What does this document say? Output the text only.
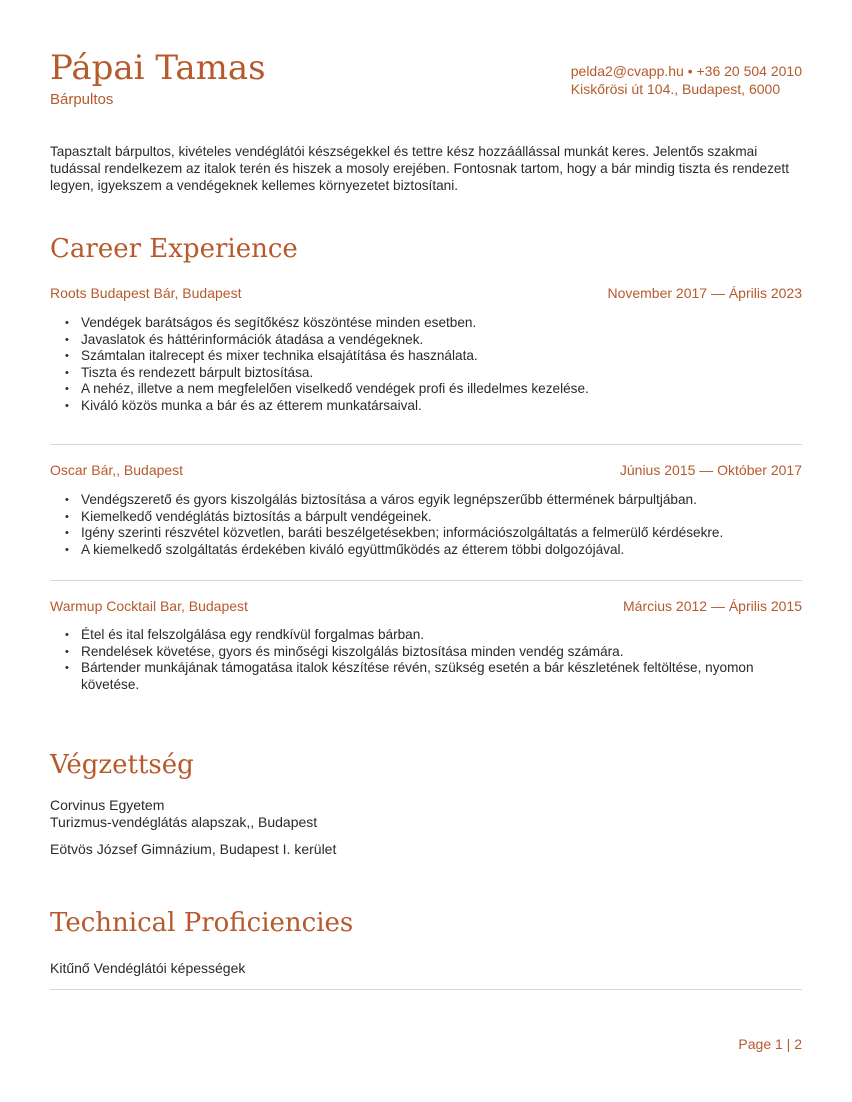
Pápai Tamas
Bárpultos
pelda2@cvapp.hu • +36 20 504 2010
Kiskőrösi út 104., Budapest, 6000
Tapasztalt bárpultos, kivételes vendéglátói készségekkel és tettre kész hozzáállással munkát keres. Jelentős szakmai tudással rendelkezem az italok terén és hiszek a mosoly erejében. Fontosnak tartom, hogy a bár mindig tiszta és rendezett legyen, igyekszem a vendégeknek kellemes környezetet biztosítani.
Career Experience
Roots Budapest Bár, Budapest	November 2017 — Április 2023
• Vendégek barátságos és segítőkész köszöntése minden esetben.
• Javaslatok és háttérinformációk átadása a vendégeknek.
• Számtalan italrecept és mixer technika elsajátítása és használata.
• Tiszta és rendezett bárpult biztosítása.
• A nehéz, illetve a nem megfelelően viselkedő vendégek profi és illedelmes kezelése.
• Kiváló közös munka a bár és az étterem munkatársaival.
Oscar Bár,, Budapest	Június 2015 — Október 2017
• Vendégszerető és gyors kiszolgálás biztosítása a város egyik legnépszerűbb éttermének bárpultjában.
• Kiemelkedő vendéglátás biztosítás a bárpult vendégeinek.
• Igény szerinti részvétel közvetlen, baráti beszélgetésekben; információszolgáltatás a felmerülő kérdésekre.
• A kiemelkedő szolgáltatás érdekében kiváló együttműködés az étterem többi dolgozójával.
Warmup Cocktail Bar, Budapest	Március 2012 — Április 2015
• Étel és ital felszolgálása egy rendkívül forgalmas bárban.
• Rendelések követése, gyors és minőségi kiszolgálás biztosítása minden vendég számára.
• Bártender munkájának támogatása italok készítése révén, szükség esetén a bár készletének feltöltése, nyomon követése.
Végzettség
Corvinus Egyetem
Turizmus-vendéglátás alapszak,, Budapest
Eötvös József Gimnázium, Budapest I. kerület
Technical Proficiencies
Kitűnő Vendéglátói képességek
Page 1 | 2
